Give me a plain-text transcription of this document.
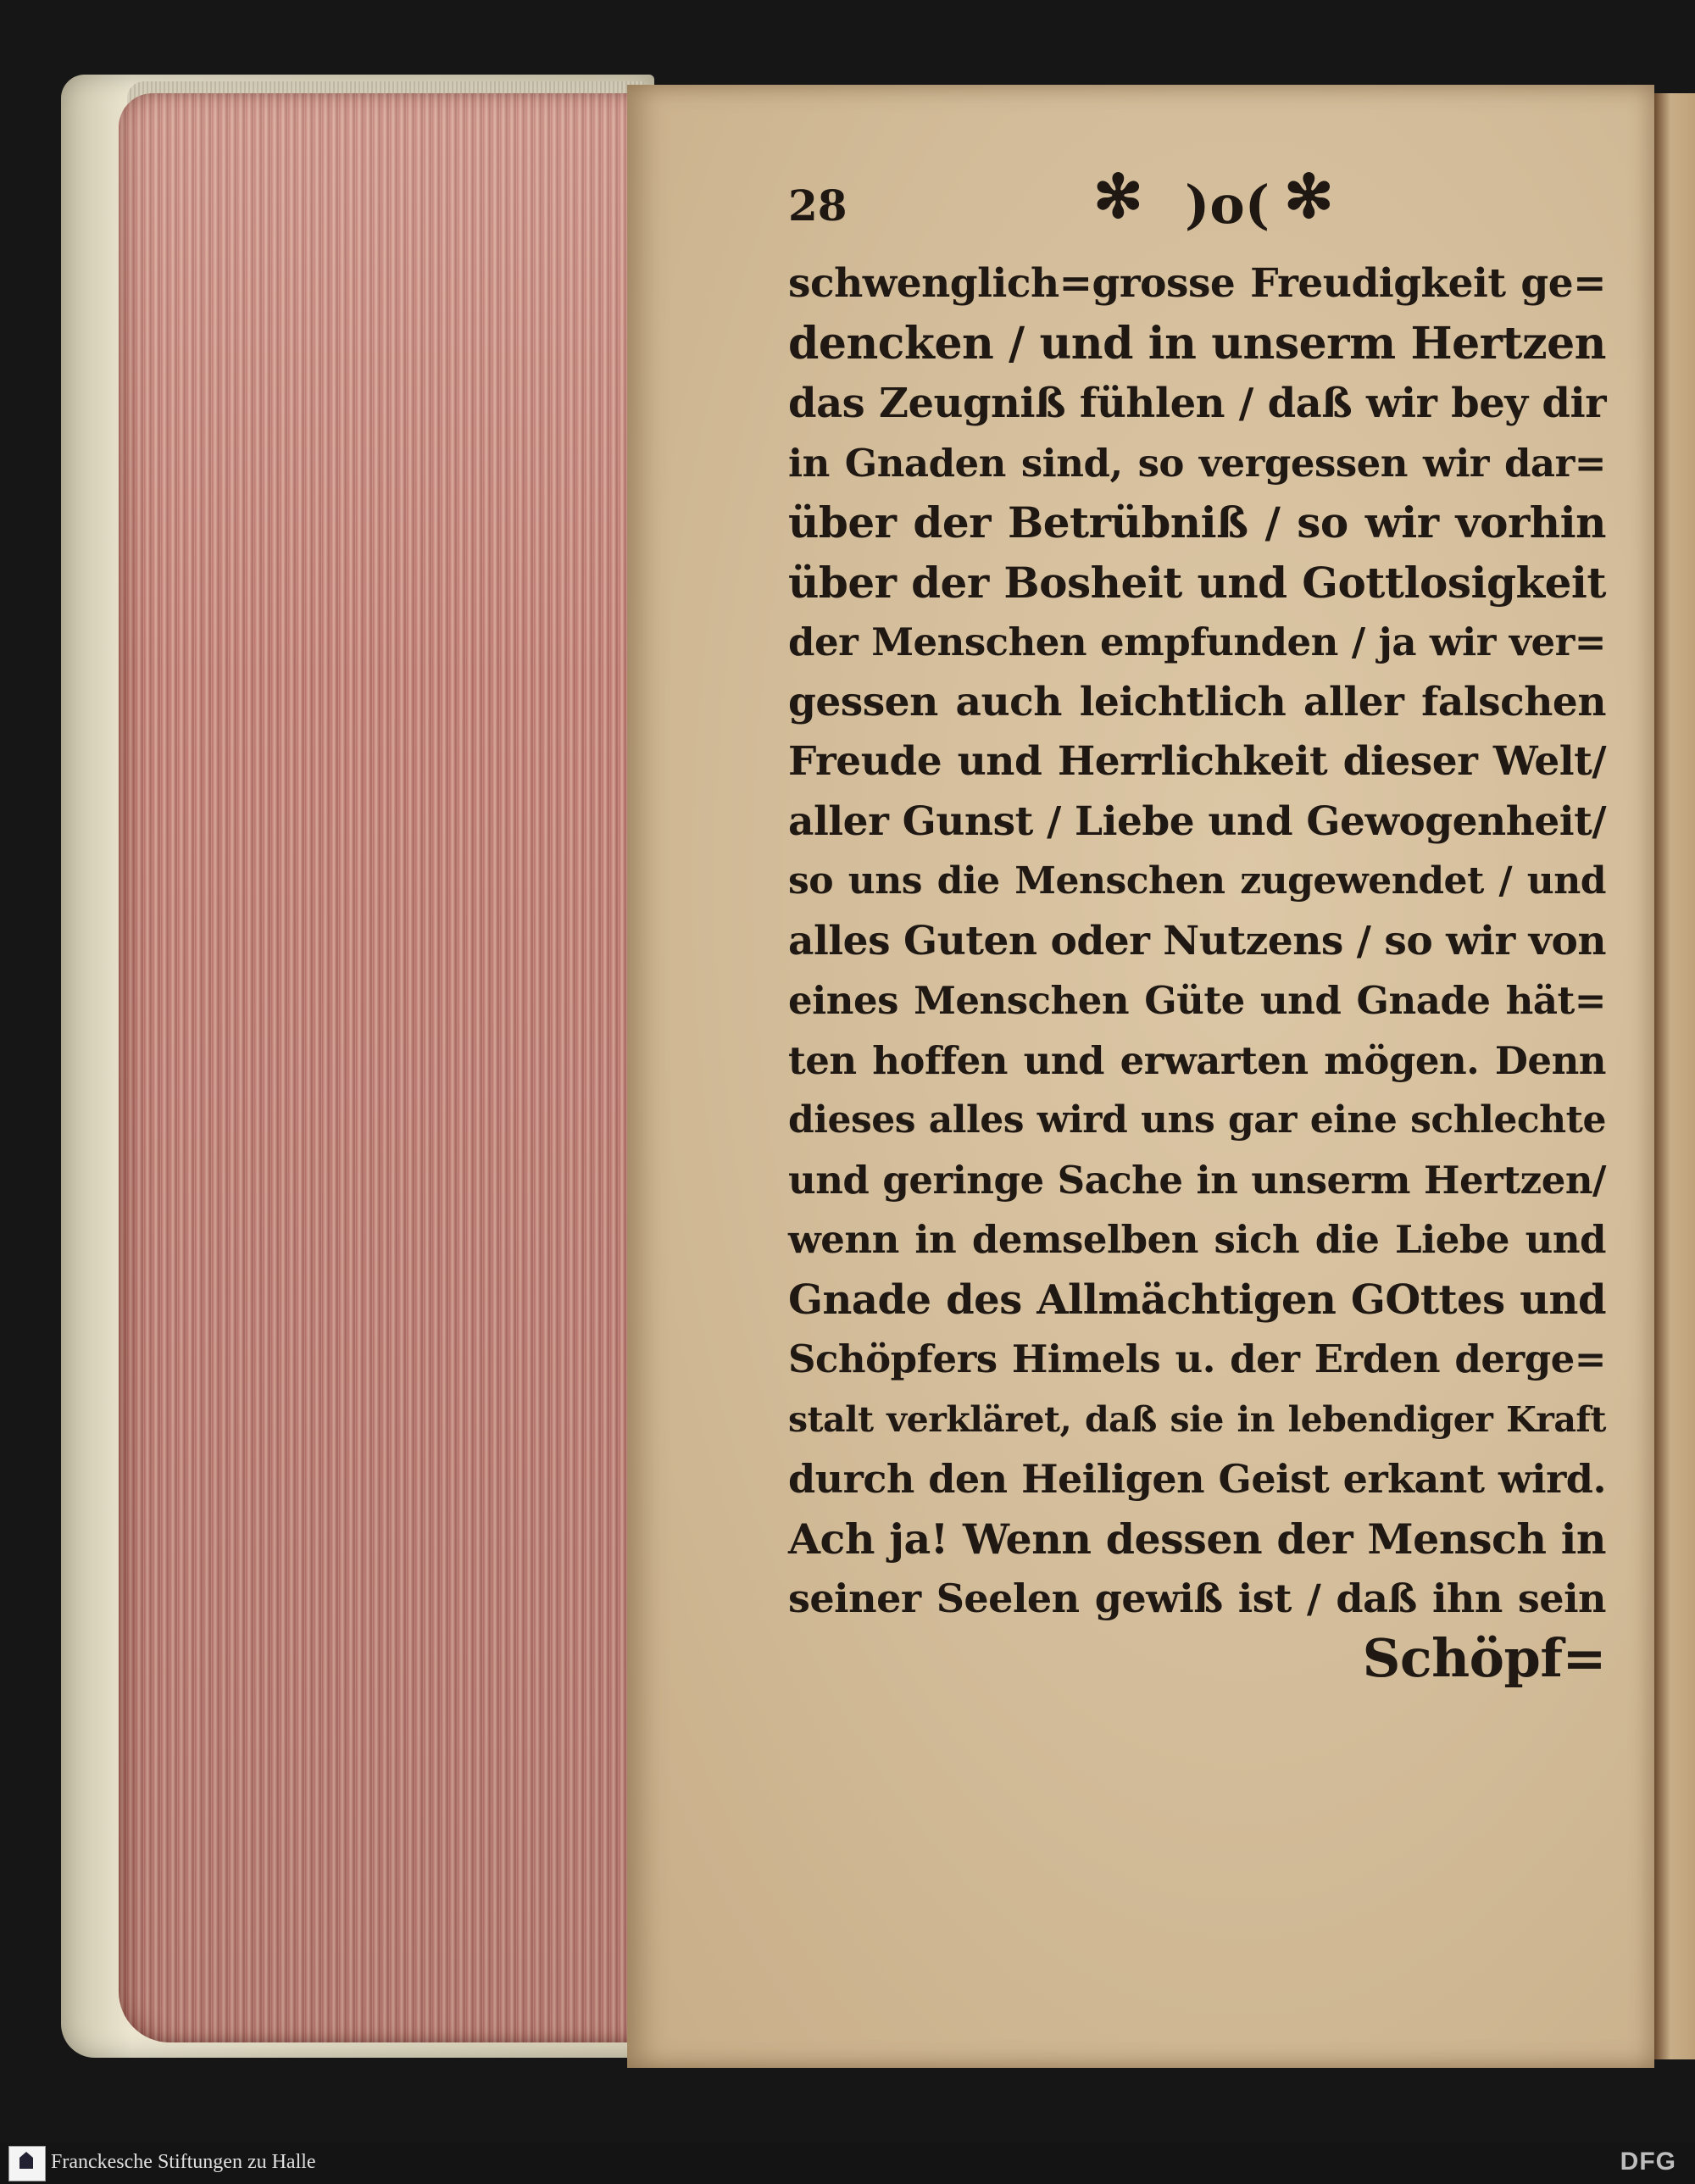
28	✻ )o( ✻
schwenglich=grosse Freudigkeit ge=
dencken / und in unserm Hertzen
das Zeugniß fühlen / daß wir bey dir
in Gnaden sind, so vergessen wir dar=
über der Betrübniß / so wir vorhin
über der Bosheit und Gottlosigkeit
der Menschen empfunden / ja wir ver=
gessen auch leichtlich aller falschen
Freude und Herrlichkeit dieser Welt/
aller Gunst / Liebe und Gewogenheit/
so uns die Menschen zugewendet / und
alles Guten oder Nutzens / so wir von
eines Menschen Güte und Gnade hät=
ten hoffen und erwarten mögen. Denn
dieses alles wird uns gar eine schlechte
und geringe Sache in unserm Hertzen/
wenn in demselben sich die Liebe und
Gnade des Allmächtigen GOttes und
Schöpfers Himels u. der Erden derge=
stalt verkläret, daß sie in lebendiger Kraft
durch den Heiligen Geist erkant wird.
Ach ja! Wenn dessen der Mensch in
seiner Seelen gewiß ist / daß ihn sein
Schöpf=
Franckesche Stiftungen zu Halle	DFG
